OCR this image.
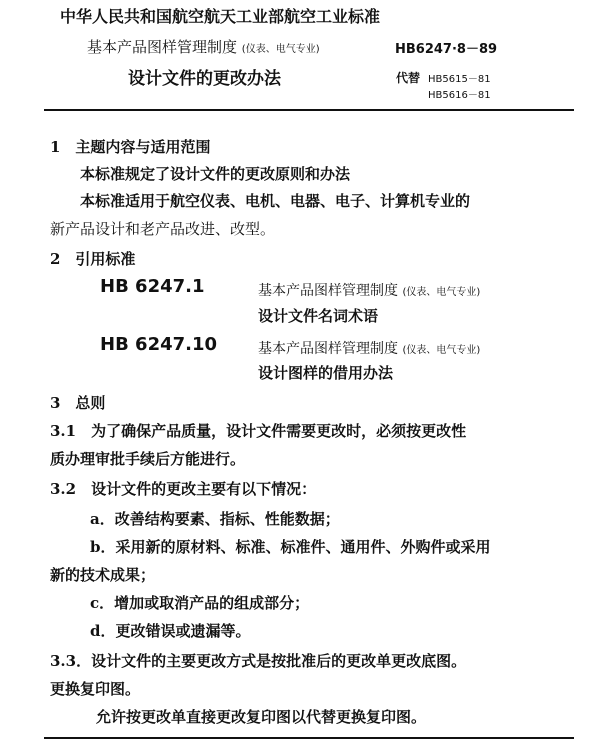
中华人民共和国航空航天工业部航空工业标准
基本产品图样管理制度 (仪表、电气专业)	HB6247·8－89
设计文件的更改办法	代替 HB5615－81
HB5616－81
1　主题内容与适用范围
本标准规定了设计文件的更改原则和办法
本标准适用于航空仪表、电机、电器、电子、计算机专业的
新产品设计和老产品改进、改型。
2　引用标准
HB 6247.1	基本产品图样管理制度 (仪表、电气专业)
设计文件名词术语
HB 6247.10	基本产品图样管理制度 (仪表、电气专业)
设计图样的借用办法
3　总则
3.1　为了确保产品质量，设计文件需要更改时，必须按更改性
质办理审批手续后方能进行。
3.2　设计文件的更改主要有以下情况：
a．改善结构要素、指标、性能数据；
b．采用新的原材料、标准、标准件、通用件、外购件或采用
新的技术成果；
c．增加或取消产品的组成部分；
d．更改错误或遗漏等。
3.3．设计文件的主要更改方式是按批准后的更改单更改底图。
更换复印图。
允许按更改单直接更改复印图以代替更换复印图。
